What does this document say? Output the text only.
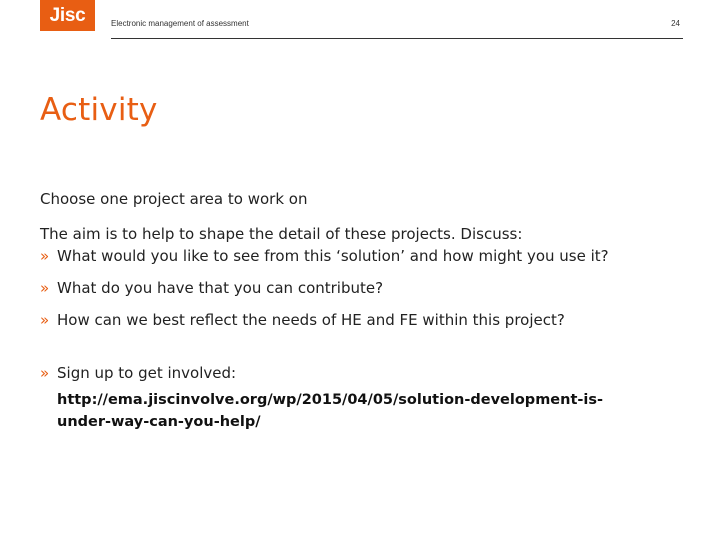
Jisc	Electronic management of assessment	24
Activity

Choose one project area to work on

The aim is to help to shape the detail of these projects. Discuss:

» What would you like to see from this ‘solution’ and how might you use it?

» What do you have that you can contribute?

» How can we best reflect the needs of HE and FE within this project?

» Sign up to get involved:

http://ema.jiscinvolve.org/wp/2015/04/05/solution-development-is-under-way-can-you-help/
